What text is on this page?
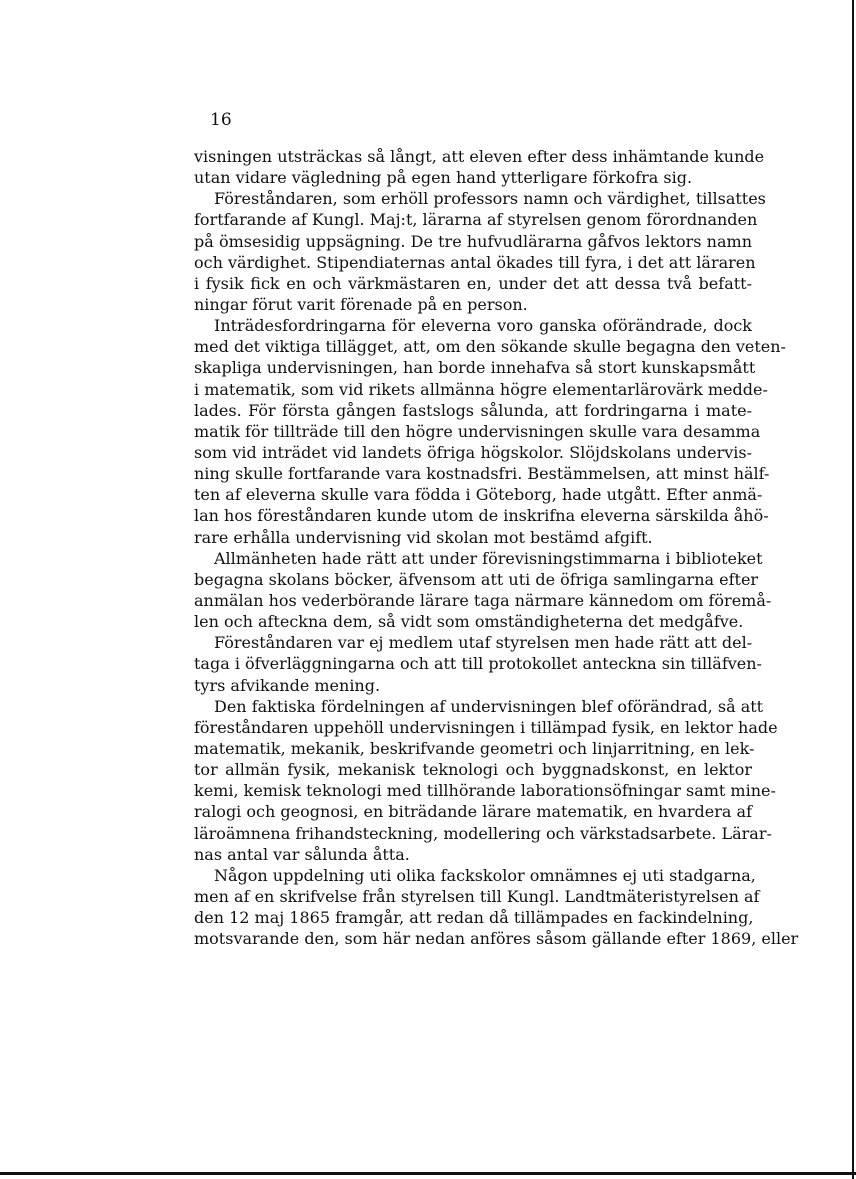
16

visningen utsträckas så långt, att eleven efter dess inhämtande kunde
utan vidare vägledning på egen hand ytterligare förkofra sig.
Föreståndaren, som erhöll professors namn och värdighet, tillsattes
fortfarande af Kungl. Maj:t, lärarna af styrelsen genom förordnanden
på ömsesidig uppsägning. De tre hufvudlärarna gåfvos lektors namn
och värdighet. Stipendiaternas antal ökades till fyra, i det att läraren
i fysik fick en och värkmästaren en, under det att dessa två befatt-
ningar förut varit förenade på en person.
Inträdesfordringarna för eleverna voro ganska oförändrade, dock
med det viktiga tillägget, att, om den sökande skulle begagna den veten-
skapliga undervisningen, han borde innehafva så stort kunskapsmått
i matematik, som vid rikets allmänna högre elementarlärovärk medde-
lades. För första gången fastslogs sålunda, att fordringarna i mate-
matik för tillträde till den högre undervisningen skulle vara desamma
som vid inträdet vid landets öfriga högskolor. Slöjdskolans undervis-
ning skulle fortfarande vara kostnadsfri. Bestämmelsen, att minst hälf-
ten af eleverna skulle vara födda i Göteborg, hade utgått. Efter anmä-
lan hos föreståndaren kunde utom de inskrifna eleverna särskilda åhö-
rare erhålla undervisning vid skolan mot bestämd afgift.
Allmänheten hade rätt att under förevisningstimmarna i biblioteket
begagna skolans böcker, äfvensom att uti de öfriga samlingarna efter
anmälan hos vederbörande lärare taga närmare kännedom om föremå-
len och afteckna dem, så vidt som omständigheterna det medgåfve.
Föreståndaren var ej medlem utaf styrelsen men hade rätt att del-
taga i öfverläggningarna och att till protokollet anteckna sin tilläfven-
tyrs afvikande mening.
Den faktiska fördelningen af undervisningen blef oförändrad, så att
föreståndaren uppehöll undervisningen i tillämpad fysik, en lektor hade
matematik, mekanik, beskrifvande geometri och linjarritning, en lek-
tor allmän fysik, mekanisk teknologi och byggnadskonst, en lektor
kemi, kemisk teknologi med tillhörande laborationsöfningar samt mine-
ralogi och geognosi, en biträdande lärare matematik, en hvardera af
läroämnena frihandsteckning, modellering och värkstadsarbete. Lärar-
nas antal var sålunda åtta.
Någon uppdelning uti olika fackskolor omnämnes ej uti stadgarna,
men af en skrifvelse från styrelsen till Kungl. Landtmäteristyrelsen af
den 12 maj 1865 framgår, att redan då tillämpades en fackindelning,
motsvarande den, som här nedan anföres såsom gällande efter 1869, eller
